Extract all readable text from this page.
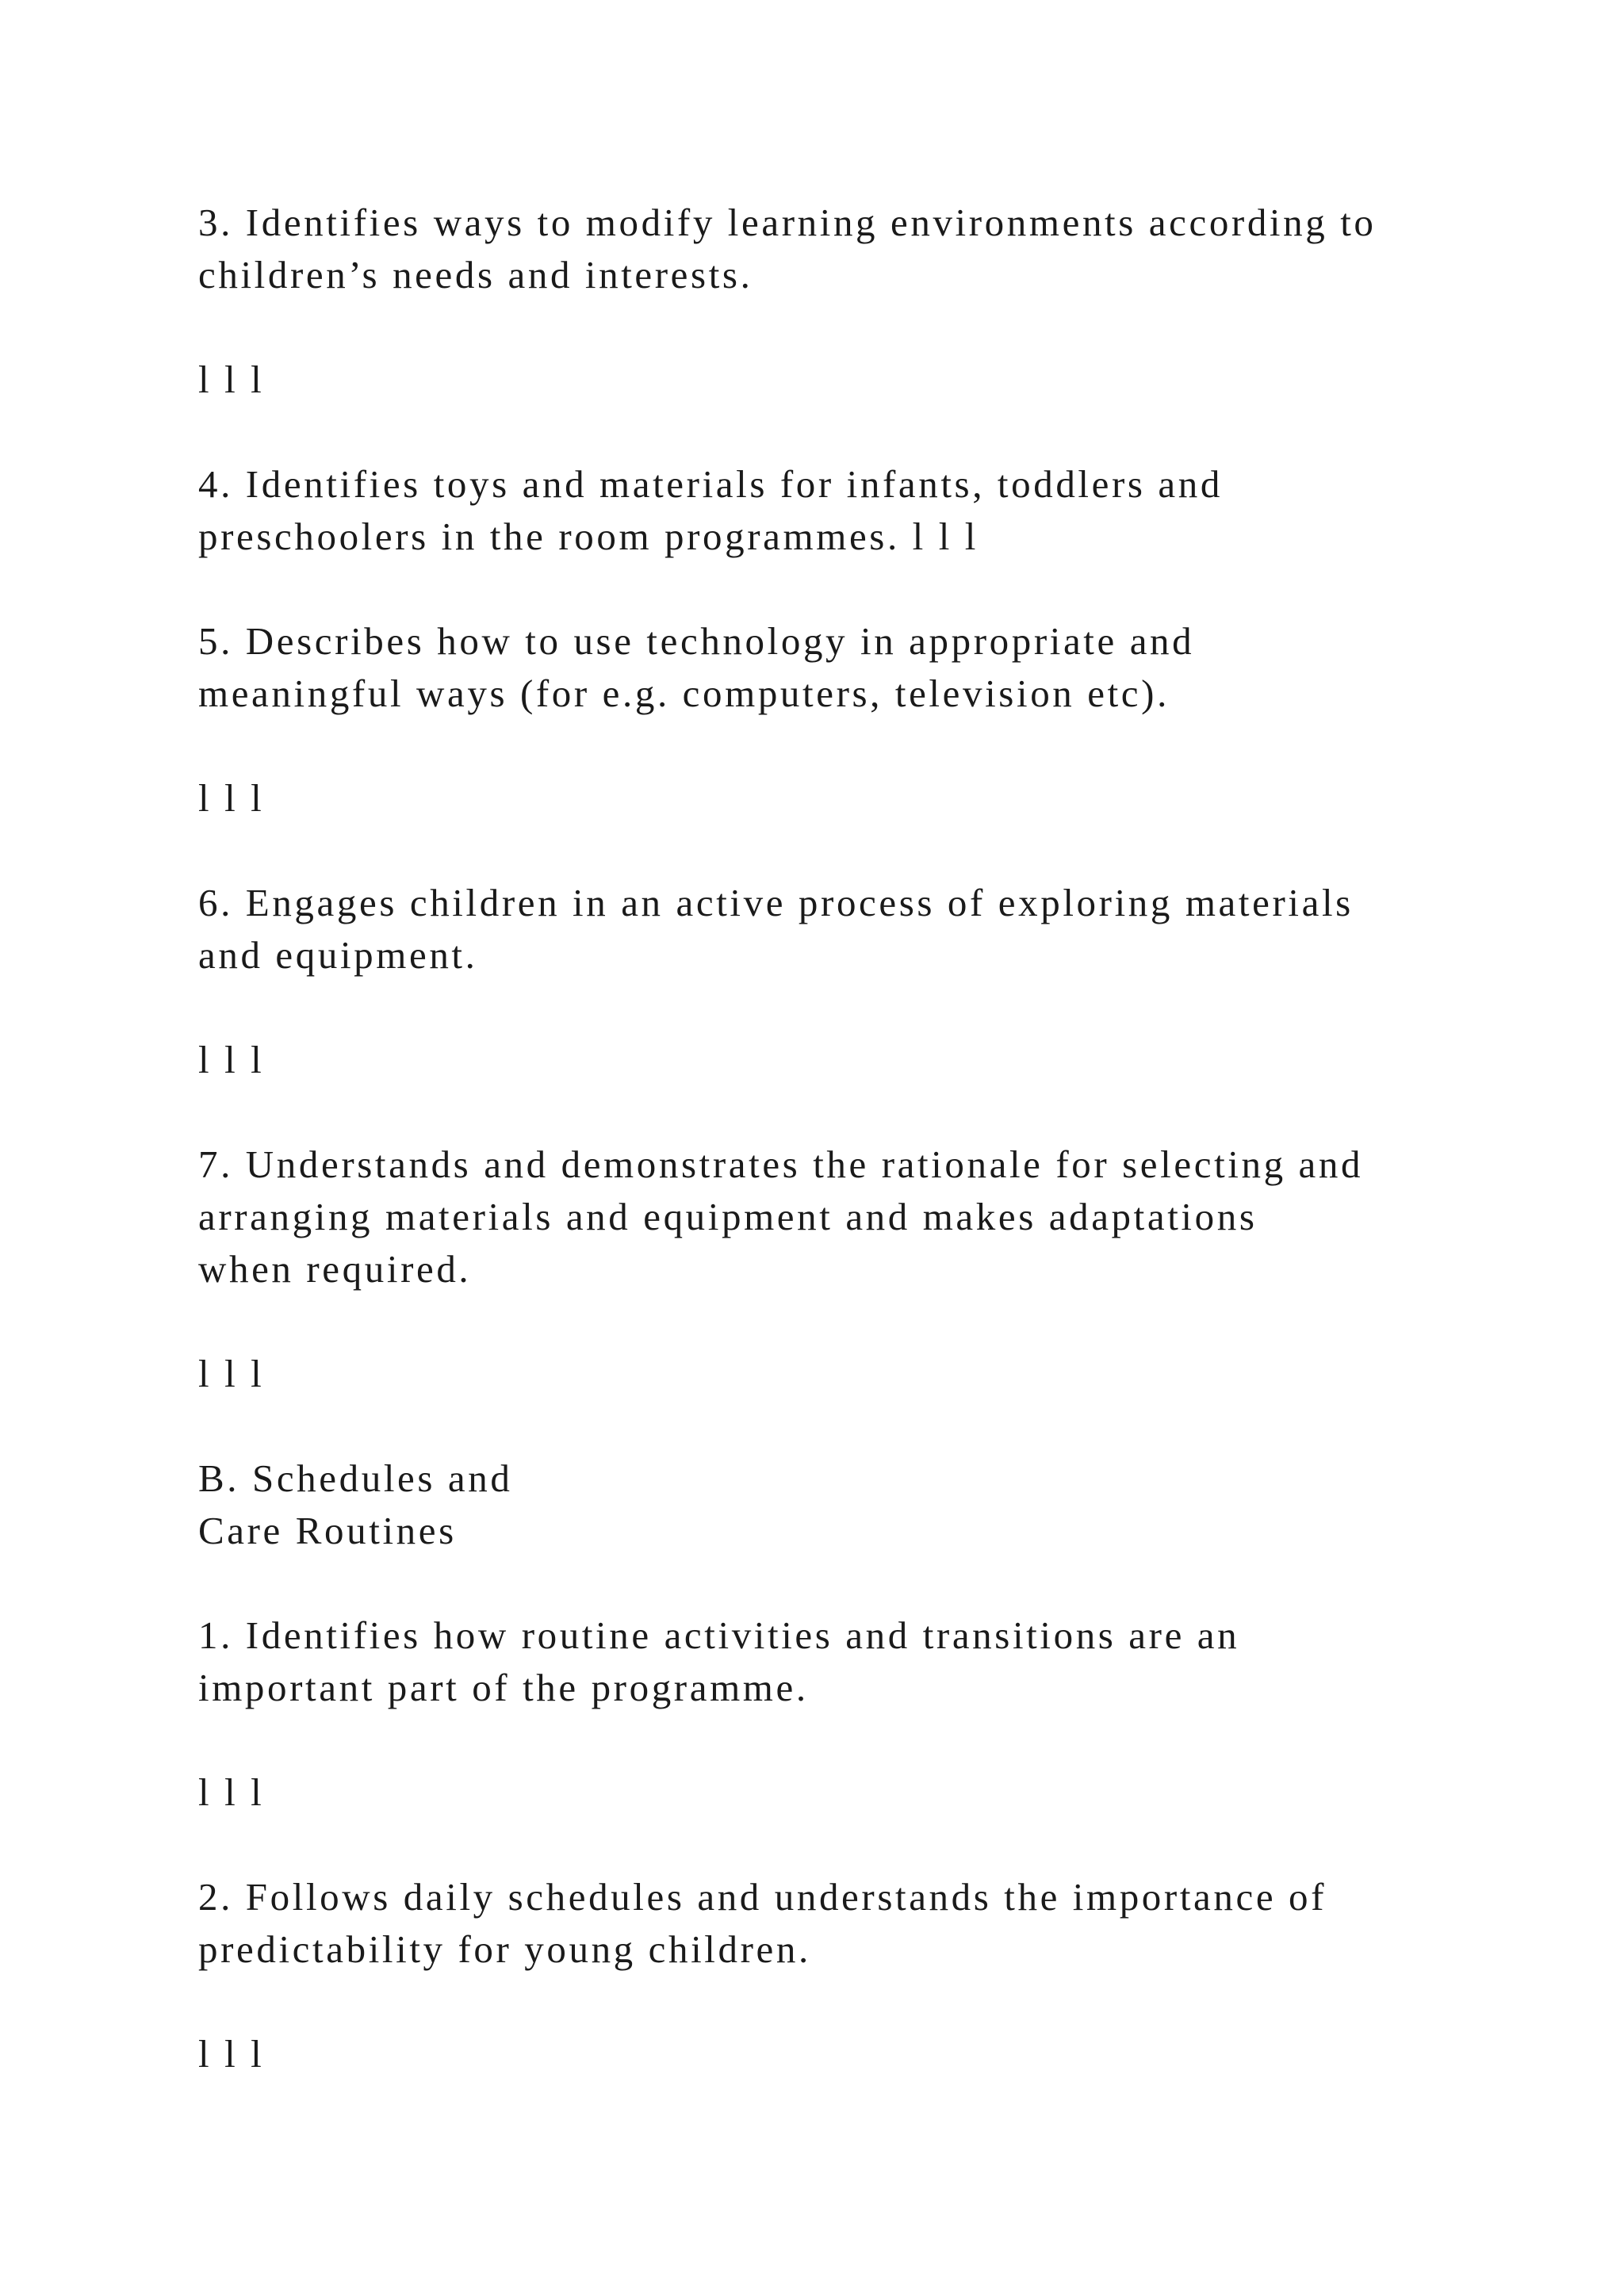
3. Identifies ways to modify learning environments according to

children’s needs and interests.

l l l

4. Identifies toys and materials for infants, toddlers and

preschoolers in the room programmes. l l l

5. Describes how to use technology in appropriate and

meaningful ways (for e.g. computers, television etc).

l l l

6. Engages children in an active process of exploring materials

and equipment.

l l l

7. Understands and demonstrates the rationale for selecting and

arranging materials and equipment and makes adaptations

when required.

l l l

B. Schedules and

Care Routines

1. Identifies how routine activities and transitions are an

important part of the programme.

l l l

2. Follows daily schedules and understands the importance of

predictability for young children.

l l l
